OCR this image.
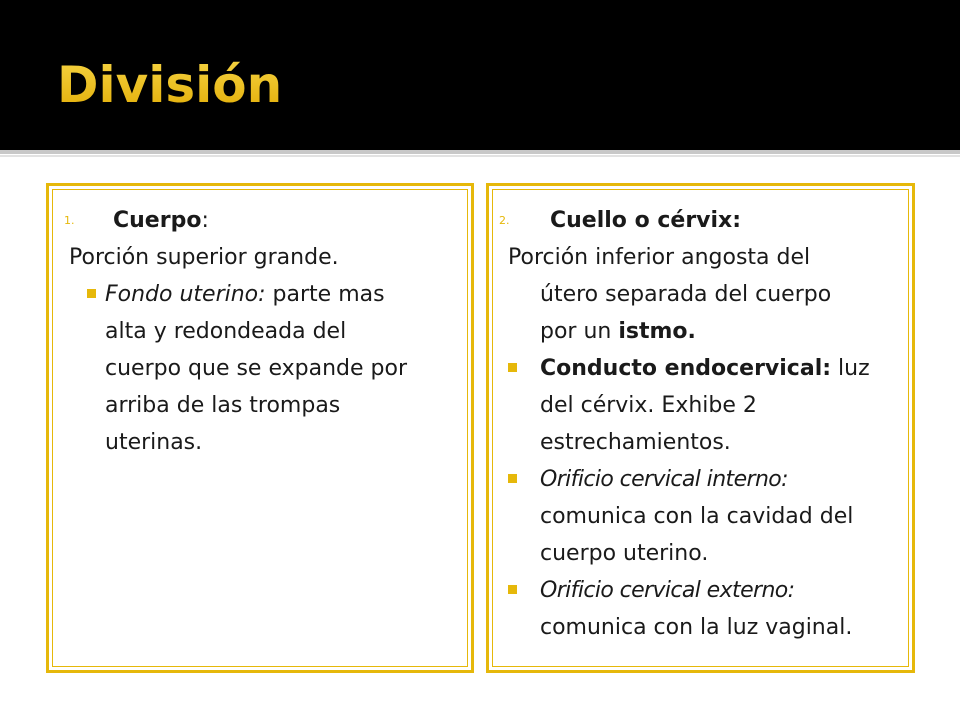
División
1. Cuerpo:
Porción superior grande.
Fondo uterino: parte mas
alta y redondeada del
cuerpo que se expande por
arriba de las trompas
uterinas.
2. Cuello o cérvix:
Porción inferior angosta del
útero separada del cuerpo
por un istmo.
Conducto endocervical: luz
del cérvix. Exhibe 2
estrechamientos.
Orificio cervical interno:
comunica con la cavidad del
cuerpo uterino.
Orificio cervical externo:
comunica con la luz vaginal.
